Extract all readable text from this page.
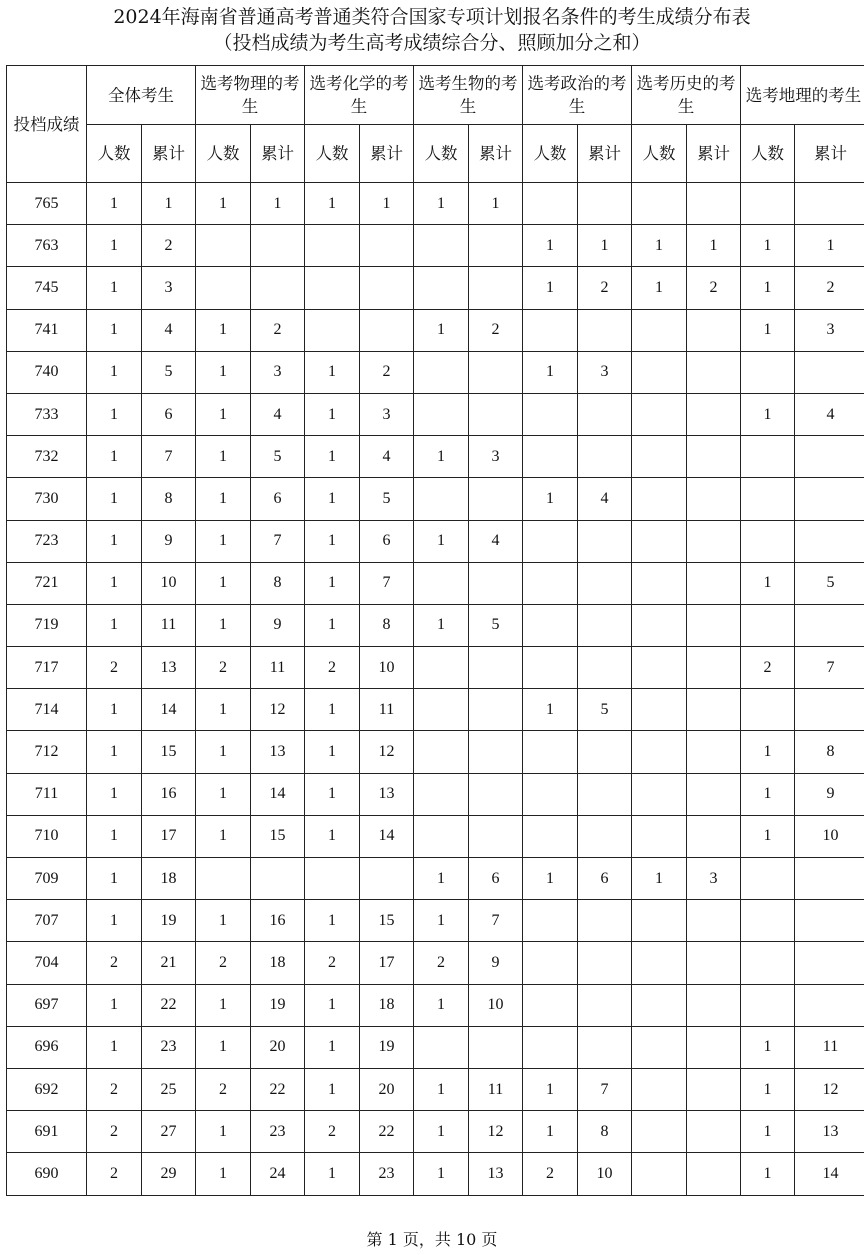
2024年海南省普通高考普通类符合国家专项计划报名条件的考生成绩分布表
（投档成绩为考生高考成绩综合分、照顾加分之和）
投档成绩	全体考生		选考物理的考生		选考化学的考生		选考生物的考生		选考政治的考生		选考历史的考生		选考地理的考生	
	人数	累计	人数	累计	人数	累计	人数	累计	人数	累计	人数	累计	人数	累计
765	1	1	1	1	1	1	1	1						
763	1	2							1	1	1	1	1	1
745	1	3							1	2	1	2	1	2
741	1	4	1	2			1	2					1	3
740	1	5	1	3	1	2			1	3				
733	1	6	1	4	1	3							1	4
732	1	7	1	5	1	4	1	3						
730	1	8	1	6	1	5			1	4				
723	1	9	1	7	1	6	1	4						
721	1	10	1	8	1	7							1	5
719	1	11	1	9	1	8	1	5						
717	2	13	2	11	2	10							2	7
714	1	14	1	12	1	11			1	5				
712	1	15	1	13	1	12							1	8
711	1	16	1	14	1	13							1	9
710	1	17	1	15	1	14							1	10
709	1	18					1	6	1	6	1	3		
707	1	19	1	16	1	15	1	7						
704	2	21	2	18	2	17	2	9						
697	1	22	1	19	1	18	1	10						
696	1	23	1	20	1	19							1	11
692	2	25	2	22	1	20	1	11	1	7			1	12
691	2	27	1	23	2	22	1	12	1	8			1	13
690	2	29	1	24	1	23	1	13	2	10			1	14
第 1 页，共 10 页
